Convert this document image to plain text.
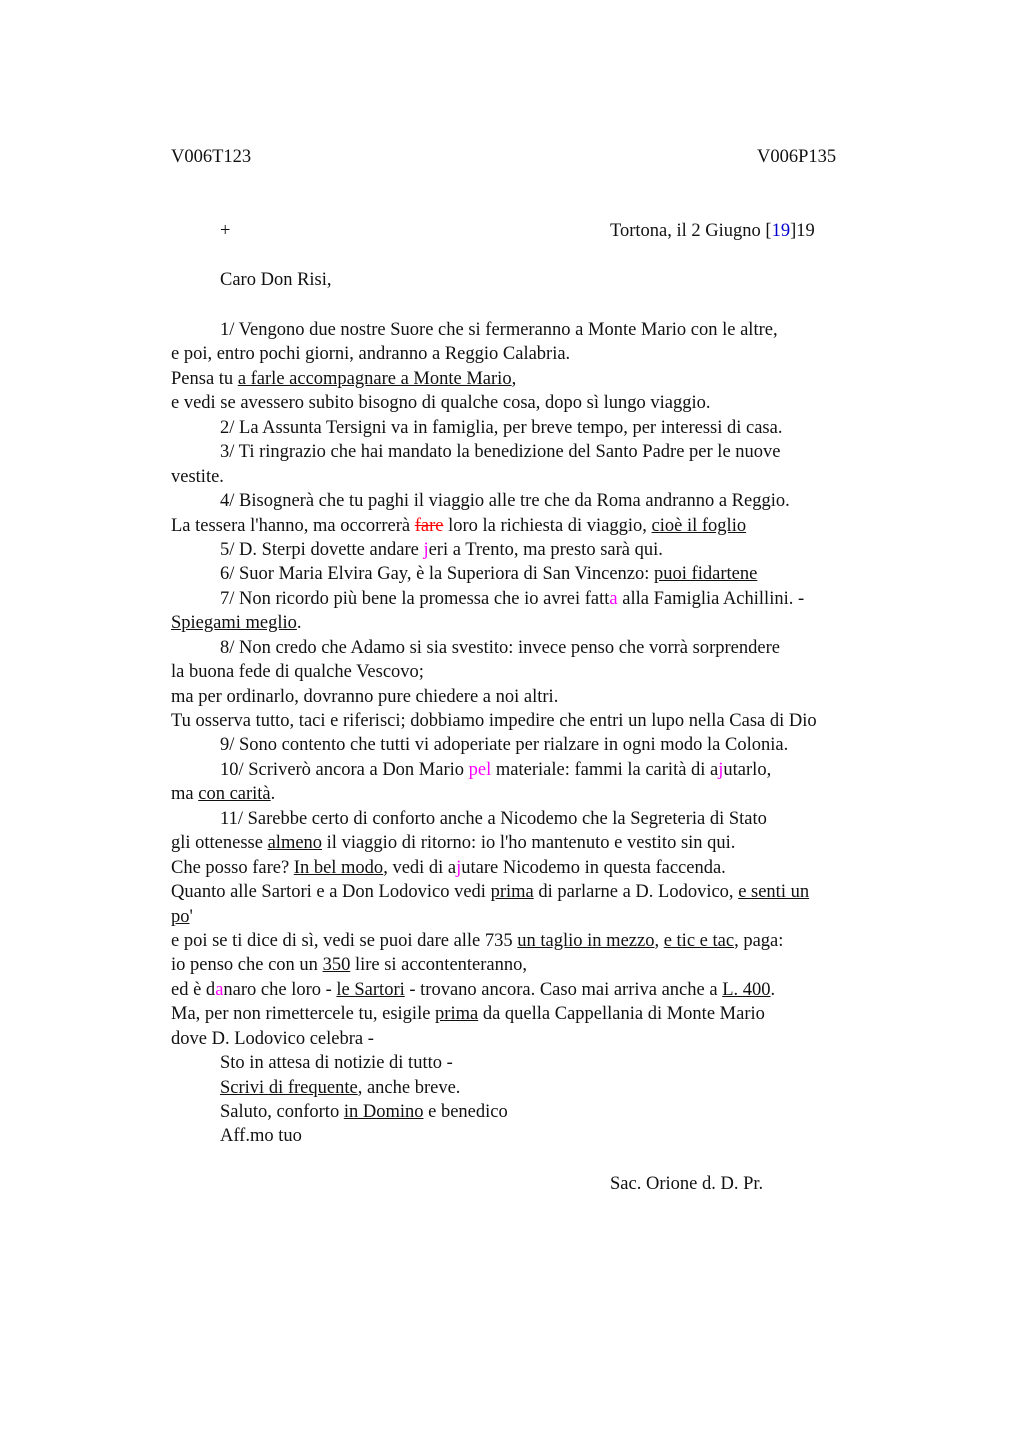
V006T123	V006P135
+	Tortona, il 2 Giugno [19]19
Caro Don Risi,
1/ Vengono due nostre Suore che si fermeranno a Monte Mario con le altre,
e poi, entro pochi giorni, andranno a Reggio Calabria.
Pensa tu a farle accompagnare a Monte Mario,
e vedi se avessero subito bisogno di qualche cosa, dopo sì lungo viaggio.
2/ La Assunta Tersigni va in famiglia, per breve tempo, per interessi di casa.
3/ Ti ringrazio che hai mandato la benedizione del Santo Padre per le nuove
vestite.
4/ Bisognerà che tu paghi il viaggio alle tre che da Roma andranno a Reggio.
La tessera l'hanno, ma occorrerà fare loro la richiesta di viaggio, cioè il foglio
5/ D. Sterpi dovette andare jeri a Trento, ma presto sarà qui.
6/ Suor Maria Elvira Gay, è la Superiora di San Vincenzo: puoi fidartene
7/ Non ricordo più bene la promessa che io avrei fatta alla Famiglia Achillini. -
Spiegami meglio.
8/ Non credo che Adamo si sia svestito: invece penso che vorrà sorprendere
la buona fede di qualche Vescovo;
ma per ordinarlo, dovranno pure chiedere a noi altri.
Tu osserva tutto, taci e riferisci; dobbiamo impedire che entri un lupo nella Casa di Dio
9/ Sono contento che tutti vi adoperiate per rialzare in ogni modo la Colonia.
10/ Scriverò ancora a Don Mario pel materiale: fammi la carità di ajutarlo,
ma con carità.
11/ Sarebbe certo di conforto anche a Nicodemo che la Segreteria di Stato
gli ottenesse almeno il viaggio di ritorno: io l'ho mantenuto e vestito sin qui.
Che posso fare? In bel modo, vedi di ajutare Nicodemo in questa faccenda.
Quanto alle Sartori e a Don Lodovico vedi prima di parlarne a D. Lodovico, e senti un
po'
e poi se ti dice di sì, vedi se puoi dare alle 735 un taglio in mezzo, e tic e tac, paga:
io penso che con un 350 lire si accontenteranno,
ed è danaro che loro - le Sartori - trovano ancora. Caso mai arriva anche a L. 400.
Ma, per non rimettercele tu, esigile prima da quella Cappellania di Monte Mario
dove D. Lodovico celebra -
Sto in attesa di notizie di tutto -
Scrivi di frequente, anche breve.
Saluto, conforto in Domino e benedico
Aff.mo tuo
Sac. Orione d. D. Pr.
